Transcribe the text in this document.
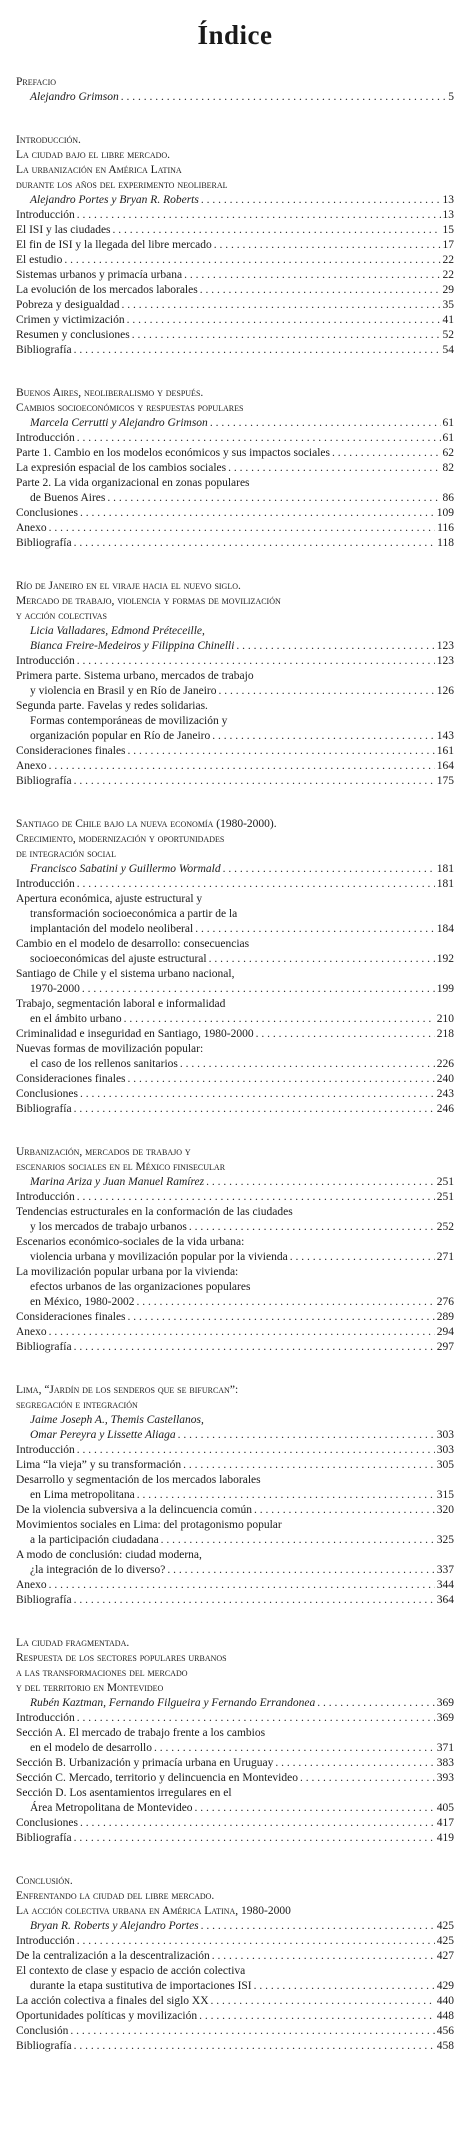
Índice
Prefacio
Alejandro Grimson . . .	5
Introducción.
La ciudad bajo el libre mercado.
La urbanización en América Latina
durante los años del experimento neoliberal
Alejandro Portes y Bryan R. Roberts . . .	13
Introducción . . .	13
El ISI y las ciudades . . .	15
El fin de ISI y la llegada del libre mercado . . .	17
El estudio . . .	22
Sistemas urbanos y primacía urbana . . .	22
La evolución de los mercados laborales . . .	29
Pobreza y desigualdad . . .	35
Crimen y victimización . . .	41
Resumen y conclusiones . . .	52
Bibliografía . . .	54
Buenos Aires, neoliberalismo y después.
Cambios socioeconómicos y respuestas populares
Marcela Cerrutti y Alejandro Grimson . . .	61
Introducción . . .	61
Parte 1. Cambio en los modelos económicos y sus impactos sociales . . .	62
La expresión espacial de los cambios sociales . . .	82
Parte 2. La vida organizacional en zonas populares
de Buenos Aires . . .	86
Conclusiones . . .	109
Anexo . . .	116
Bibliografía . . .	118
Río de Janeiro en el viraje hacia el nuevo siglo.
Mercado de trabajo, violencia y formas de movilización
y acción colectivas
Licia Valladares, Edmond Préteceille,
Bianca Freire-Medeiros y Filippina Chinelli . . .	123
Introducción . . .	123
Primera parte. Sistema urbano, mercados de trabajo
y violencia en Brasil y en Río de Janeiro . . .	126
Segunda parte. Favelas y redes solidarias.
Formas contemporáneas de movilización y
organización popular en Río de Janeiro . . .	143
Consideraciones finales . . .	161
Anexo . . .	164
Bibliografía . . .	175
Santiago de Chile bajo la nueva economía (1980-2000).
Crecimiento, modernización y oportunidades
de integración social
Francisco Sabatini y Guillermo Wormald . . .	181
Introducción . . .	181
Apertura económica, ajuste estructural y
transformación socioeconómica a partir de la
implantación del modelo neoliberal . . .	184
Cambio en el modelo de desarrollo: consecuencias
socioeconómicas del ajuste estructural . . .	192
Santiago de Chile y el sistema urbano nacional,
1970-2000 . . .	199
Trabajo, segmentación laboral e informalidad
en el ámbito urbano . . .	210
Criminalidad e inseguridad en Santiago, 1980-2000 . . .	218
Nuevas formas de movilización popular:
el caso de los rellenos sanitarios . . .	226
Consideraciones finales . . .	240
Conclusiones . . .	243
Bibliografía . . .	246
Urbanización, mercados de trabajo y
escenarios sociales en el México finisecular
Marina Ariza y Juan Manuel Ramírez . . .	251
Introducción . . .	251
Tendencias estructurales en la conformación de las ciudades
y los mercados de trabajo urbanos . . .	252
Escenarios económico-sociales de la vida urbana:
violencia urbana y movilización popular por la vivienda . . .	271
La movilización popular urbana por la vivienda:
efectos urbanos de las organizaciones populares
en México, 1980-2002 . . .	276
Consideraciones finales . . .	289
Anexo . . .	294
Bibliografía . . .	297
Lima, “Jardín de los senderos que se bifurcan”:
segregación e integración
Jaime Joseph A., Themis Castellanos,
Omar Pereyra y Lissette Aliaga . . .	303
Introducción . . .	303
Lima “la vieja” y su transformación . . .	305
Desarrollo y segmentación de los mercados laborales
en Lima metropolitana . . .	315
De la violencia subversiva a la delincuencia común . . .	320
Movimientos sociales en Lima: del protagonismo popular
a la participación ciudadana . . .	325
A modo de conclusión: ciudad moderna,
¿la integración de lo diverso? . . .	337
Anexo . . .	344
Bibliografía . . .	364
La ciudad fragmentada.
Respuesta de los sectores populares urbanos
a las transformaciones del mercado
y del territorio en Montevideo
Rubén Kaztman, Fernando Filgueira y Fernando Errandonea . . .	369
Introducción . . .	369
Sección A. El mercado de trabajo frente a los cambios
en el modelo de desarrollo . . .	371
Sección B. Urbanización y primacía urbana en Uruguay . . .	383
Sección C. Mercado, territorio y delincuencia en Montevideo . . .	393
Sección D. Los asentamientos irregulares en el
Área Metropolitana de Montevideo . . .	405
Conclusiones . . .	417
Bibliografía . . .	419
Conclusión.
Enfrentando la ciudad del libre mercado.
La acción colectiva urbana en América Latina, 1980-2000
Bryan R. Roberts y Alejandro Portes . . .	425
Introducción . . .	425
De la centralización a la descentralización . . .	427
El contexto de clase y espacio de acción colectiva
durante la etapa sustitutiva de importaciones ISI . . .	429
La acción colectiva a finales del siglo XX . . .	440
Oportunidades políticas y movilización . . .	448
Conclusión . . .	456
Bibliografía . . .	458
